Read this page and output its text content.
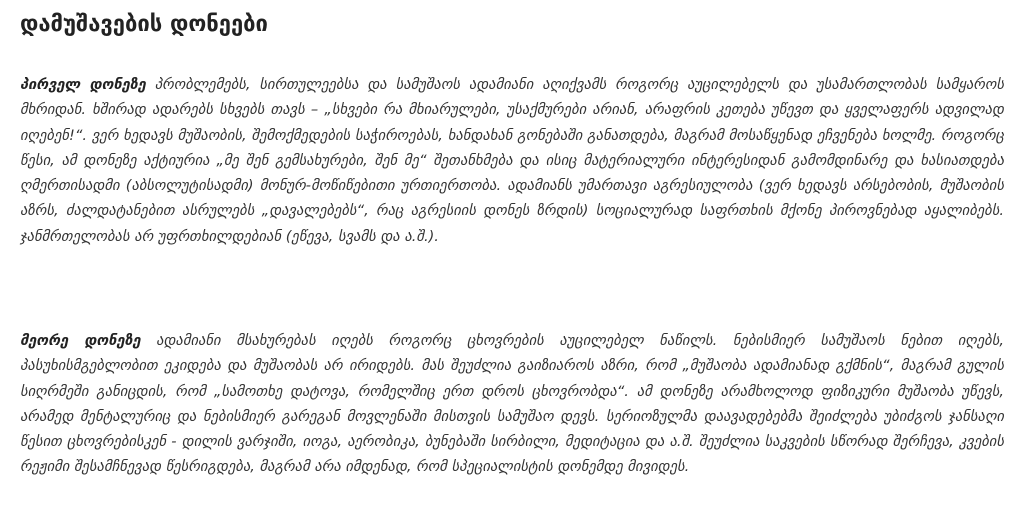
დამუშავების დონეები

პირველ დონეზე პრობლემებს, სირთულეებსა და სამუშაოს ადამიანი აღიქვამს როგორც აუცილებელს და უსამართლობას სამყაროს მხრიდან. ხშირად ადარებს სხვებს თავს – „სხვები რა მხიარულები, უსაქმურები არიან, არაფრის კეთება უწევთ და ყველაფერს ადვილად იღებენ!“. ვერ ხედავს მუშაობის, შემოქმედების საჭიროებას, ხანდახან გონებაში განათდება, მაგრამ მოსაწყენად ეჩვენება ხოლმე. როგორც წესი, ამ დონეზე აქტიურია „მე შენ გემსახურები, შენ მე“ შეთანხმება და ისიც მატერიალური ინტერესიდან გამომდინარე და ხასიათდება ღმერთისადმი (აბსოლუტისადმი) მონურ-მოწიწებითი ურთიერთობა. ადამიანს უმართავი აგრესიულობა (ვერ ხედავს არსებობის, მუშაობის აზრს, ძალდატანებით ასრულებს „დავალებებს“, რაც აგრესიის დონეს ზრდის) სოციალურად საფრთხის მქონე პიროვნებად აყალიბებს. ჯანმრთელობას არ უფრთხილდებიან (ეწევა, სვამს და ა.შ.).

მეორე დონეზე ადამიანი მსახურებას იღებს როგორც ცხოვრების აუცილებელ ნაწილს. ნებისმიერ სამუშაოს ნებით იღებს, პასუხისმგებლობით ეკიდება და მუშაობას არ ირიდებს. მას შეუძლია გაიზიაროს აზრი, რომ „მუშაობა ადამიანად გქმნის“, მაგრამ გულის სიღრმეში განიცდის, რომ „სამოთხე დატოვა, რომელშიც ერთ დროს ცხოვრობდა“. ამ დონეზე არამხოლოდ ფიზიკური მუშაობა უწევს, არამედ მენტალურიც და ნებისმიერ გარეგან მოვლენაში მისთვის სამუშაო დევს. სერიოზულმა დაავადებებმა შეიძლება უბიძგოს ჯანსაღი წესით ცხოვრებისკენ - დილის ვარჯიში, იოგა, აერობიკა, ბუნებაში სირბილი, მედიტაცია და ა.შ. შეუძლია საკვების სწორად შერჩევა, კვების რეჟიმი შესამჩნევად წესრიგდება, მაგრამ არა იმდენად, რომ სპეციალისტის დონემდე მივიდეს.
